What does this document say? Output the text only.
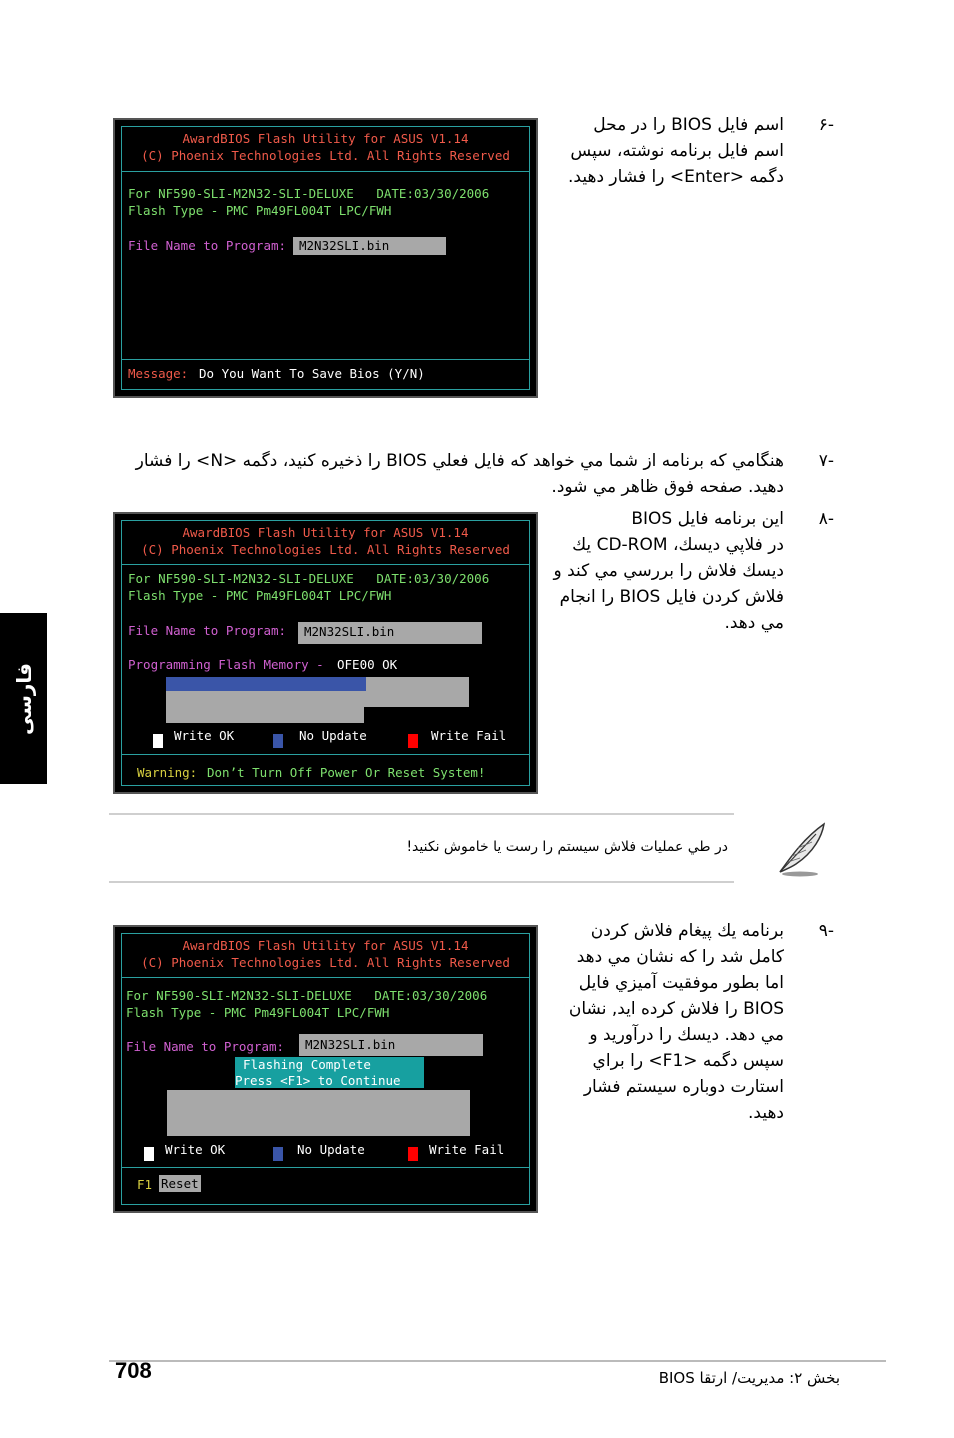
فارسی
AwardBIOS Flash Utility for ASUS V1.14
(C) Phoenix Technologies Ltd. All Rights Reserved
For NF590-SLI-M2N32-SLI-DELUXE   DATE:03/30/2006
Flash Type - PMC Pm49FL004T LPC/FWH
File Name to Program:	M2N32SLI.bin
Message: Do You Want To Save Bios (Y/N)
اسم فايل BIOS را در محل
اسم فايل برنامه نوشته، سپس
دگمه <Enter> را فشار دهيد.
-۶
هنگامي كه برنامه از شما مي خواهد كه فايل فعلي BIOS را ذخيره كنيد، دگمه <N> را فشار
دهيد. صفحه فوق ظاهر مي شود.
-۷
AwardBIOS Flash Utility for ASUS V1.14
(C) Phoenix Technologies Ltd. All Rights Reserved
For NF590-SLI-M2N32-SLI-DELUXE   DATE:03/30/2006
Flash Type - PMC Pm49FL004T LPC/FWH
File Name to Program:	M2N32SLI.bin
Programming Flash Memory - OFE00 OK
Write OK	No Update	Write Fail
Warning: Don’t Turn Off Power Or Reset System!
اين برنامه فايل BIOS
در فلاپي ديسك، CD-ROM يك
ديسك فلاش را بررسي مي كند و
فلاش كردن فايل BIOS را انجام
مي دهد.
-۸
در طي عمليات فلاش سيستم را رست يا خاموش نكنيد!
AwardBIOS Flash Utility for ASUS V1.14
(C) Phoenix Technologies Ltd. All Rights Reserved
For NF590-SLI-M2N32-SLI-DELUXE   DATE:03/30/2006
Flash Type - PMC Pm49FL004T LPC/FWH
File Name to Program:	M2N32SLI.bin
Flashing Complete
Press <F1> to Continue
Write OK	No Update	Write Fail
F1 Reset
برنامه يك پيغام فلاش كردن
كامل شد را كه نشان مي دهد
اما بطور موفقيت آميزي فايل
BIOS را فلاش كرده ايد, نشان
مي دهد. ديسك را درآوريد و
سپس دگمه <F1> را براي
استارت دوباره سيستم فشار
دهيد.
-۹
708	بخش ۲: مديريت/ ارتقا BIOS
